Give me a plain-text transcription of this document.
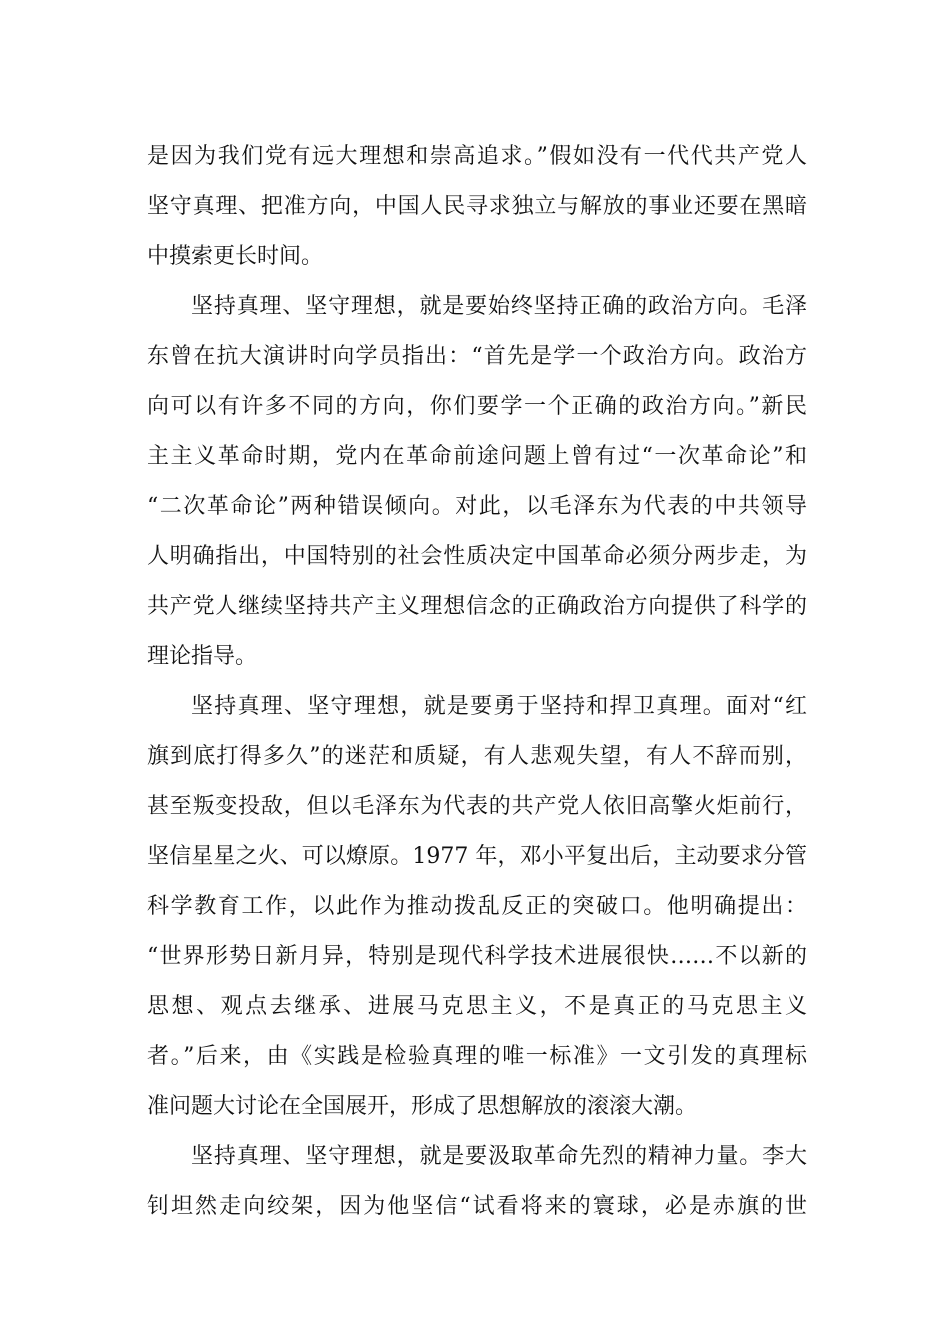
是因为我们党有远大理想和崇高追求。”假如没有一代代共产党人
坚守真理、把准方向，中国人民寻求独立与解放的事业还要在黑暗
中摸索更长时间。
坚持真理、坚守理想，就是要始终坚持正确的政治方向。毛泽
东曾在抗大演讲时向学员指出：“首先是学一个政治方向。政治方
向可以有许多不同的方向，你们要学一个正确的政治方向。”新民
主主义革命时期，党内在革命前途问题上曾有过“一次革命论”和
“二次革命论”两种错误倾向。对此，以毛泽东为代表的中共领导
人明确指出，中国特别的社会性质决定中国革命必须分两步走，为
共产党人继续坚持共产主义理想信念的正确政治方向提供了科学的
理论指导。
坚持真理、坚守理想，就是要勇于坚持和捍卫真理。面对“红
旗到底打得多久”的迷茫和质疑，有人悲观失望，有人不辞而别，
甚至叛变投敌，但以毛泽东为代表的共产党人依旧高擎火炬前行，
坚信星星之火、可以燎原。1977 年，邓小平复出后，主动要求分管
科学教育工作，以此作为推动拨乱反正的突破口。他明确提出：
“世界形势日新月异，特别是现代科学技术进展很快……不以新的
思想、观点去继承、进展马克思主义，不是真正的马克思主义
者。”后来，由《实践是检验真理的唯一标准》一文引发的真理标
准问题大讨论在全国展开，形成了思想解放的滚滚大潮。
坚持真理、坚守理想，就是要汲取革命先烈的精神力量。李大
钊坦然走向绞架，因为他坚信“试看将来的寰球，必是赤旗的世
